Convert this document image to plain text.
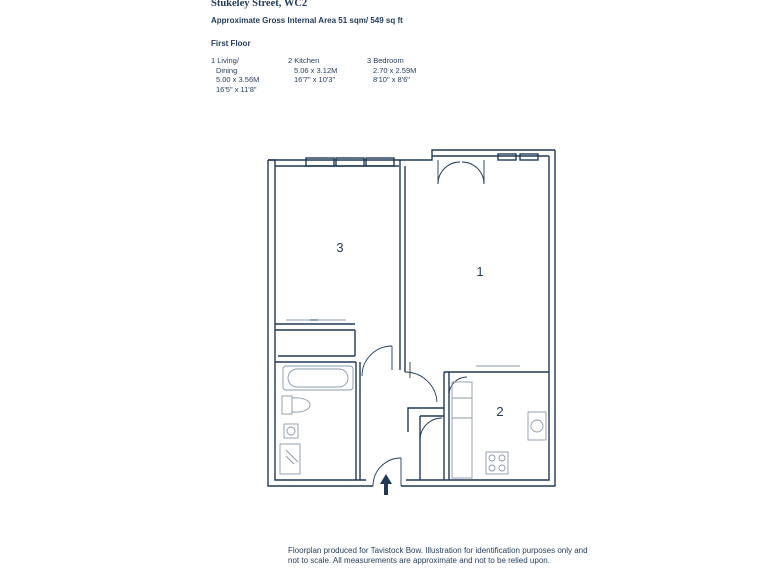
Stukeley Street, WC2
Approximate Gross Internal Area 51 sqm/ 549 sq ft
First Floor
1 Living/
Dining
5.00 x 3.56M
16'5" x 11'8"
2 Kitchen
5.06 x 3.12M
16'7" x 10'3"
3 Bedroom
2.70 x 2.59M
8'10" x 8'6"
3
1
2
Floorplan produced for Tavistock Bow. Illustration for identification purposes only and not to scale. All measurements are approximate and not to be relied upon.
